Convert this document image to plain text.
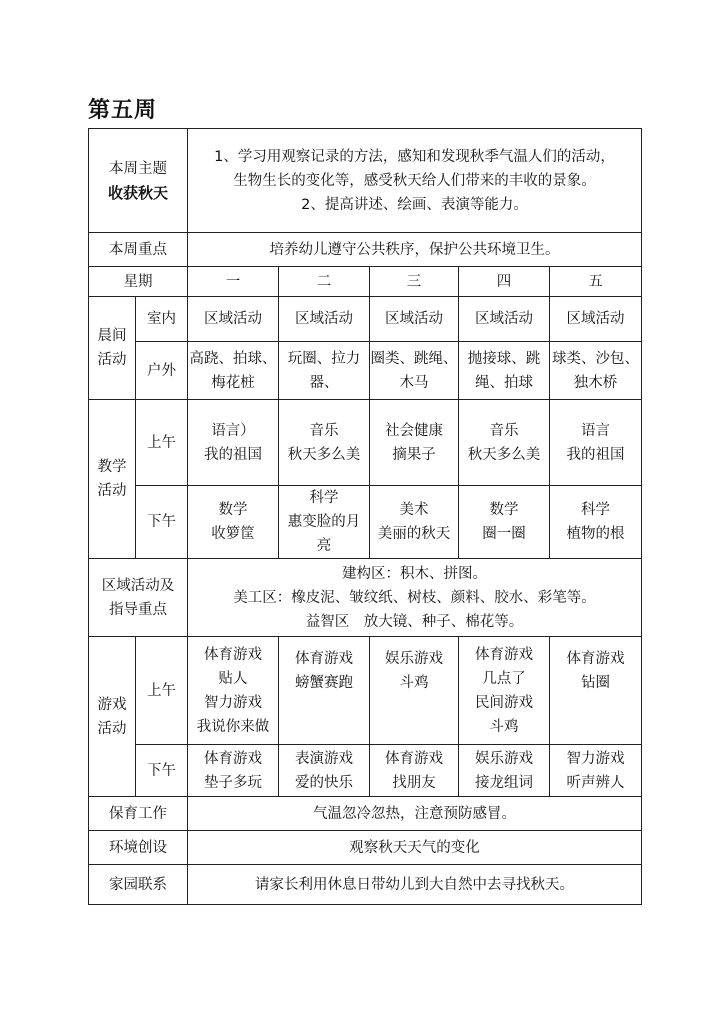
第五周
本周主题
收获秋天		1、学习用观察记录的方法，感知和发现秋季气温人们的活动，
生物生长的变化等，感受秋天给人们带来的丰收的景象。
2、提高讲述、绘画、表演等能力。				

本周重点		培养幼儿遵守公共秩序，保护公共环境卫生。				
星期		一	二	三	四	五

晨间
活动	室内	区域活动	区域活动	区域活动	区域活动	区域活动
	户外	高跷、拍球、
梅花桩	玩圈、拉力
器、	圈类、跳绳、
木马	抛接球、跳
绳、拍球	球类、沙包、
独木桥

教学
活动	上午	语言）
我的祖国	音乐
秋天多么美	社会健康
摘果子	音乐
秋天多么美	语言
我的祖国

	下午	数学
收箩筐	科学
惠变脸的月
亮	美术
美丽的秋天	数学
圈一圈	科学
植物的根

区域活动及
指导重点		建构区：积木、拼图。
美工区：橡皮泥、皱纹纸、树枝、颜料、胶水、彩笔等。
益智区　放大镜、种子、棉花等。				

游戏
活动	上午	体育游戏
贴人
智力游戏
我说你来做	体育游戏
螃蟹赛跑	娱乐游戏
斗鸡	体育游戏
几点了
民间游戏
斗鸡	体育游戏
钻圈

	下午	体育游戏
垫子多玩	表演游戏
爱的快乐	体育游戏
找朋友	娱乐游戏
接龙组词	智力游戏
听声辨人

保育工作		气温忽冷忽热，注意预防感冒。				
环境创设		观察秋天天气的变化				
家园联系		请家长利用休息日带幼儿到大自然中去寻找秋天。				
